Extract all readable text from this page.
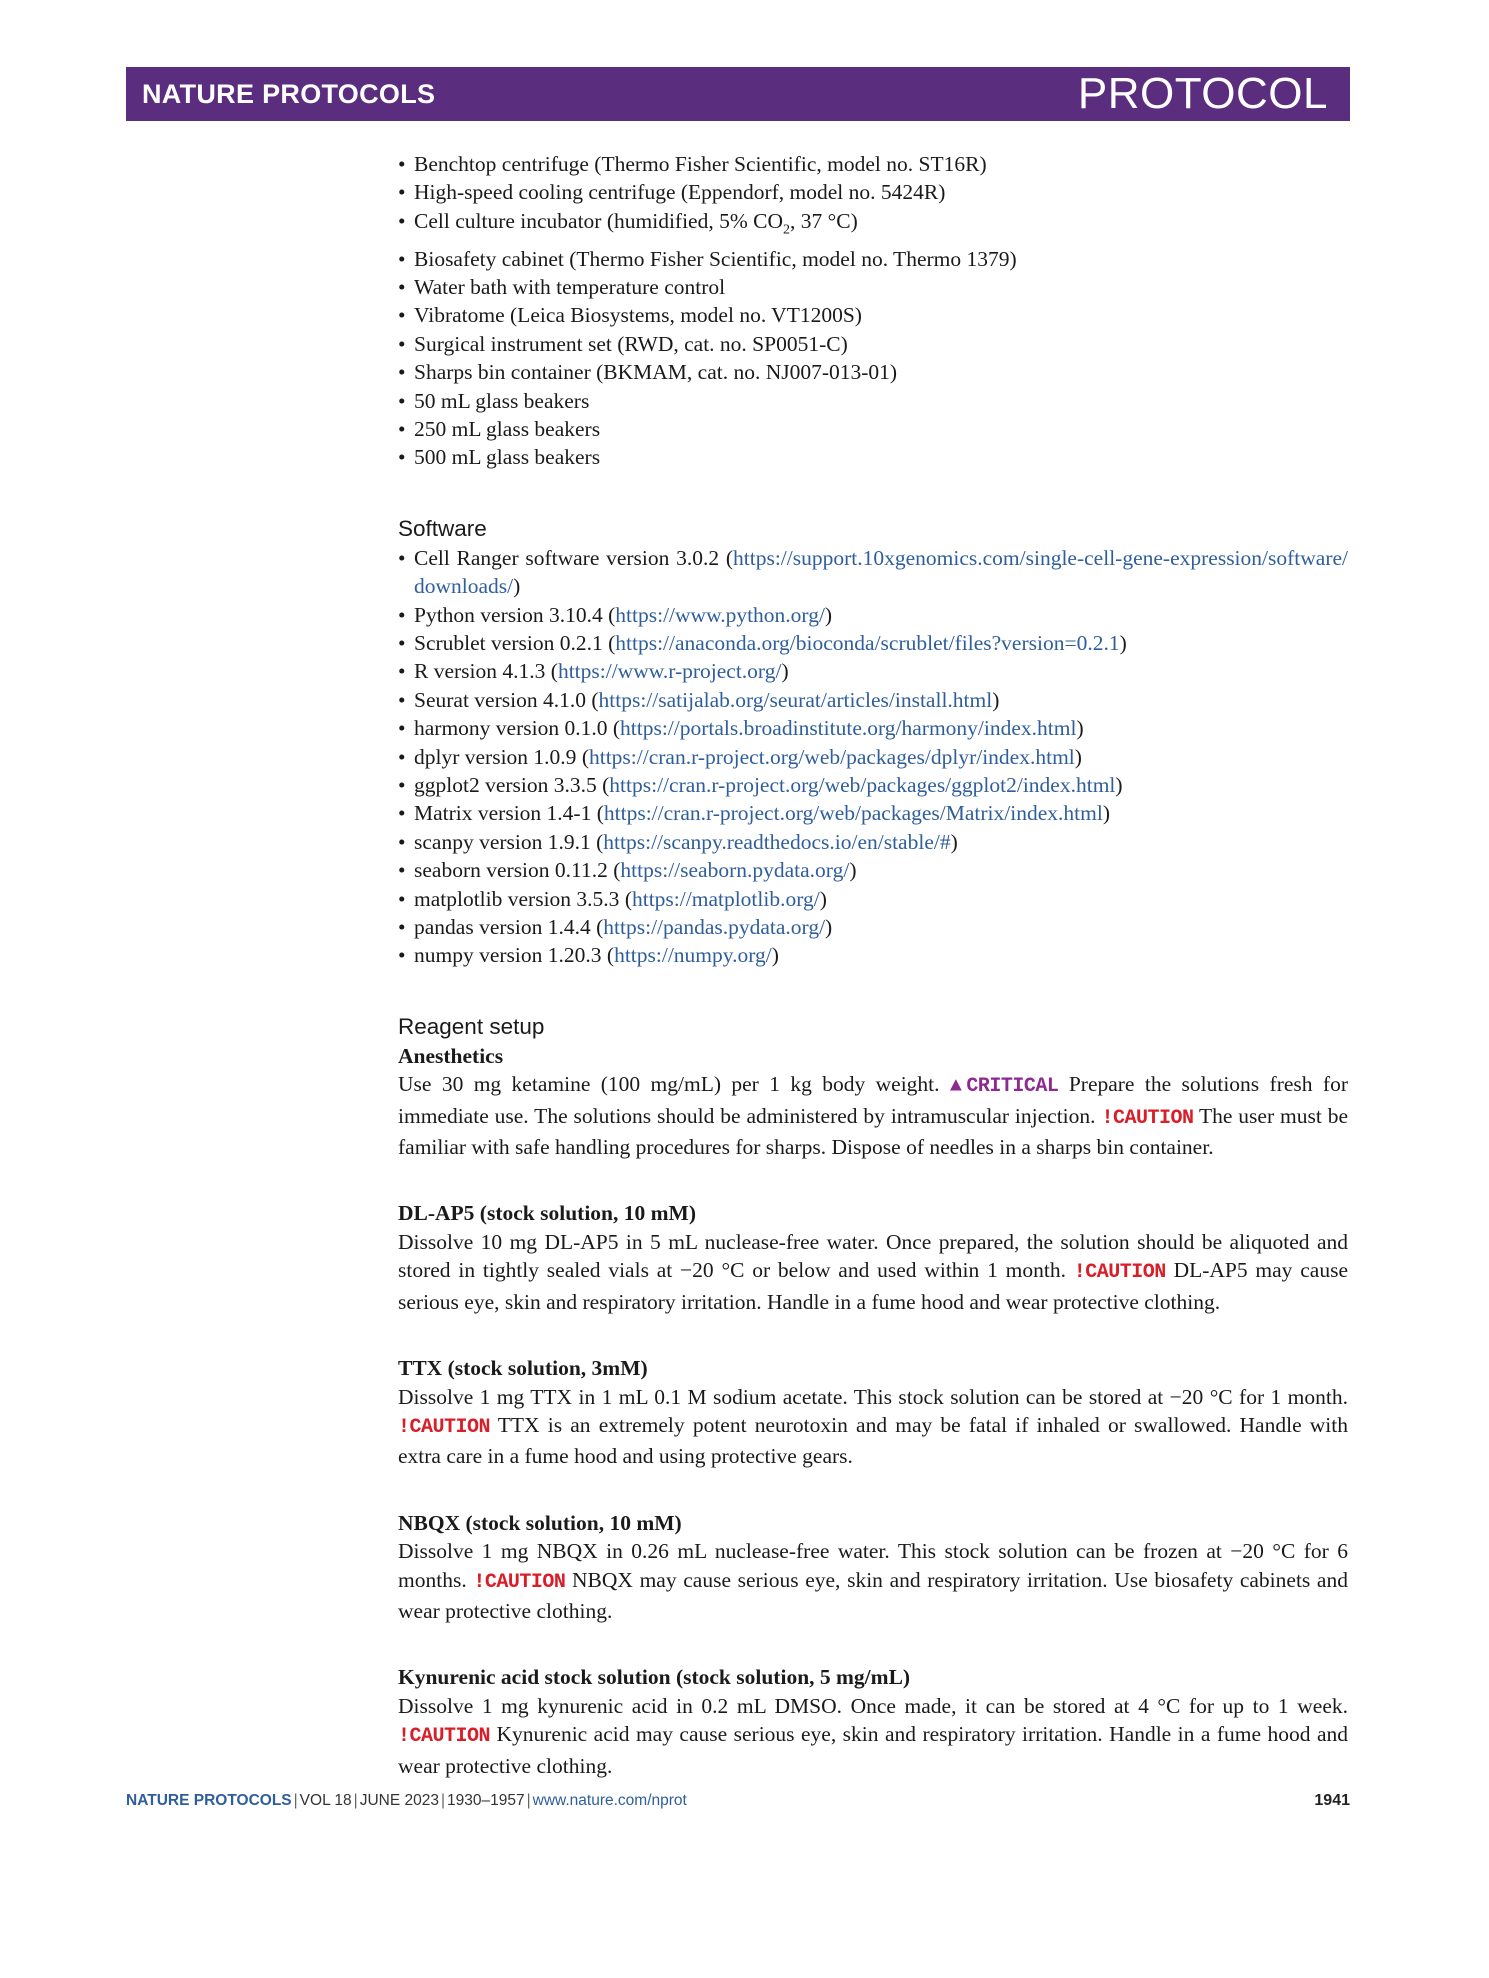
NATURE PROTOCOLS	PROTOCOL
• Benchtop centrifuge (Thermo Fisher Scientific, model no. ST16R)
• High-speed cooling centrifuge (Eppendorf, model no. 5424R)
• Cell culture incubator (humidified, 5% $CO_2$, 37 °C)
• Biosafety cabinet (Thermo Fisher Scientific, model no. Thermo 1379)
• Water bath with temperature control
• Vibratome (Leica Biosystems, model no. VT1200S)
• Surgical instrument set (RWD, cat. no. SP0051-C)
• Sharps bin container (BKMAM, cat. no. NJ007-013-01)
• 50 mL glass beakers
• 250 mL glass beakers
• 500 mL glass beakers
Software
• Cell Ranger software version 3.0.2 (https://support.10xgenomics.com/single-cell-gene-expression/software/downloads/)
• Python version 3.10.4 (https://www.python.org/)
• Scrublet version 0.2.1 (https://anaconda.org/bioconda/scrublet/files?version=0.2.1)
• R version 4.1.3 (https://www.r-project.org/)
• Seurat version 4.1.0 (https://satijalab.org/seurat/articles/install.html)
• harmony version 0.1.0 (https://portals.broadinstitute.org/harmony/index.html)
• dplyr version 1.0.9 (https://cran.r-project.org/web/packages/dplyr/index.html)
• ggplot2 version 3.3.5 (https://cran.r-project.org/web/packages/ggplot2/index.html)
• Matrix version 1.4-1 (https://cran.r-project.org/web/packages/Matrix/index.html)
• scanpy version 1.9.1 (https://scanpy.readthedocs.io/en/stable/#)
• seaborn version 0.11.2 (https://seaborn.pydata.org/)
• matplotlib version 3.5.3 (https://matplotlib.org/)
• pandas version 1.4.4 (https://pandas.pydata.org/)
• numpy version 1.20.3 (https://numpy.org/)
Reagent setup

Anesthetics

Use 30 mg ketamine (100 mg/mL) per 1 kg body weight. ▲CRITICAL Prepare the solutions fresh for immediate use. The solutions should be administered by intramuscular injection. !CAUTION The user must be familiar with safe handling procedures for sharps. Dispose of needles in a sharps bin container.

DL-AP5 (stock solution, 10 mM)

Dissolve 10 mg DL-AP5 in 5 mL nuclease-free water. Once prepared, the solution should be aliquoted and stored in tightly sealed vials at −20 °C or below and used within 1 month. !CAUTION DL-AP5 may cause serious eye, skin and respiratory irritation. Handle in a fume hood and wear protective clothing.

TTX (stock solution, 3mM)

Dissolve 1 mg TTX in 1 mL 0.1 M sodium acetate. This stock solution can be stored at −20 °C for 1 month. !CAUTION TTX is an extremely potent neurotoxin and may be fatal if inhaled or swallowed. Handle with extra care in a fume hood and using protective gears.

NBQX (stock solution, 10 mM)

Dissolve 1 mg NBQX in 0.26 mL nuclease-free water. This stock solution can be frozen at −20 °C for 6 months. !CAUTION NBQX may cause serious eye, skin and respiratory irritation. Use biosafety cabinets and wear protective clothing.

Kynurenic acid stock solution (stock solution, 5 mg/mL)

Dissolve 1 mg kynurenic acid in 0.2 mL DMSO. Once made, it can be stored at 4 °C for up to 1 week. !CAUTION Kynurenic acid may cause serious eye, skin and respiratory irritation. Handle in a fume hood and wear protective clothing.

NATURE PROTOCOLS | VOL 18 | JUNE 2023 | 1930–1957 | www.nature.com/nprot	1941
